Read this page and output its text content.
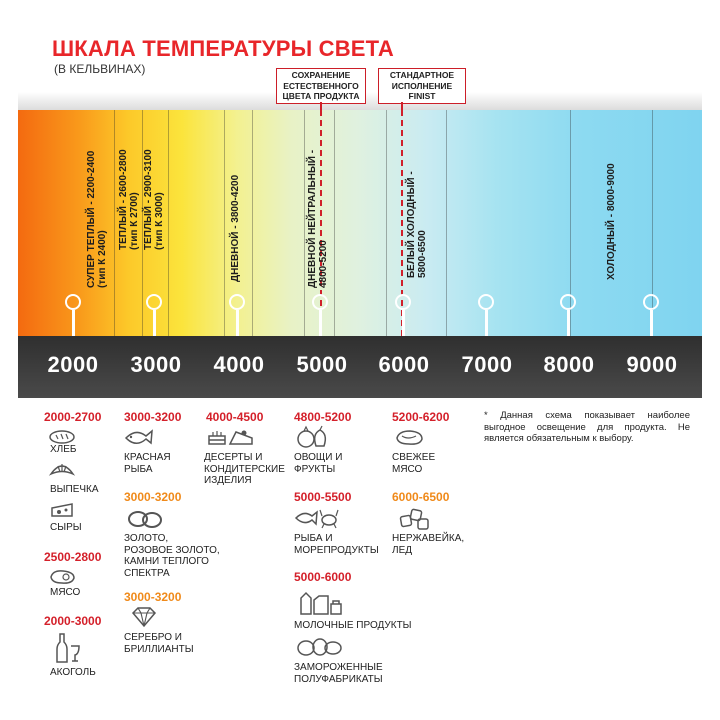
ШКАЛА ТЕМПЕРАТУРЫ СВЕТА
(В КЕЛЬВИНАХ)	СОХРАНЕНИЕ
ЕСТЕСТВЕННОГО
ЦВЕТА ПРОДУКТА
СТАНДАРТНОЕ
ИСПОЛНЕНИЕ
FINIST
СУПЕР ТЕПЛЫЙ - 2200-2400
(тип К 2400) ТЕПЛЫЙ - 2600-2800
(тип К 2700)
ТЕПЛЫЙ - 2900-3100
(тип К 3000)	ДНЕВНОЙ - 3800-4200	ДНЕВНОЙ НЕЙТРАЛЬНЫЙ -
4800-5200	БЕЛЫЙ ХОЛОДНЫЙ -
5800-6500	ХОЛОДНЫЙ - 8000-9000
2000	3000	4000	5000	6000	7000	8000	9000
2000-2700
ХЛЕБ
ВЫПЕЧКА
СЫРЫ
2500-2800
МЯСО
2000-3000
АКОГОЛЬ
3000-3200
КРАСНАЯ
РЫБА
3000-3200
ЗОЛОТО,
РОЗОВОЕ ЗОЛОТО,
КАМНИ ТЕПЛОГО
СПЕКТРА
3000-3200
СЕРЕБРО И
БРИЛЛИАНТЫ
4000-4500
ДЕСЕРТЫ И
КОНДИТЕРСКИЕ
ИЗДЕЛИЯ
4800-5200
ОВОЩИ И
ФРУКТЫ
5000-5500
РЫБА И
МОРЕПРОДУКТЫ
5000-6000
МОЛОЧНЫЕ ПРОДУКТЫ
ЗАМОРОЖЕННЫЕ
ПОЛУФАБРИКАТЫ
5200-6200
СВЕЖЕЕ
МЯСО
6000-6500
НЕРЖАВЕЙКА,
ЛЕД
* Данная схема показывает наиболее выгодное освещение для продукта. Не является обязательным к выбору.
